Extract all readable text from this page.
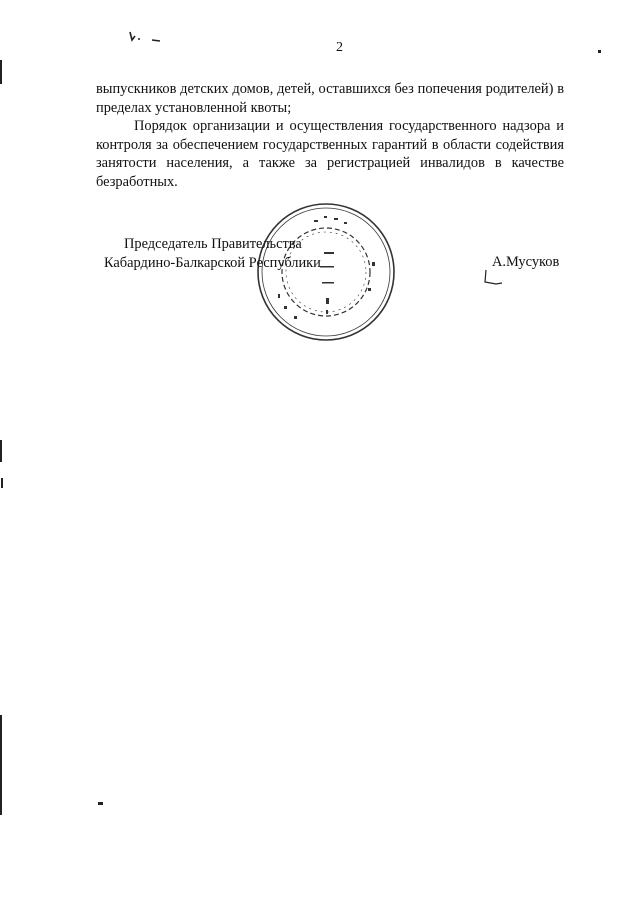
2

выпускников детских домов, детей, оставшихся без попечения родителей) в пределах установленной квоты;

Порядок организации и осуществления государственного надзора и контроля за обеспечением государственных гарантий в области содействия занятости населения, а также за регистрацией инвалидов в качестве безработных.

Председатель Правительства
Кабардино-Балкарской Республики	А.Мусуков
